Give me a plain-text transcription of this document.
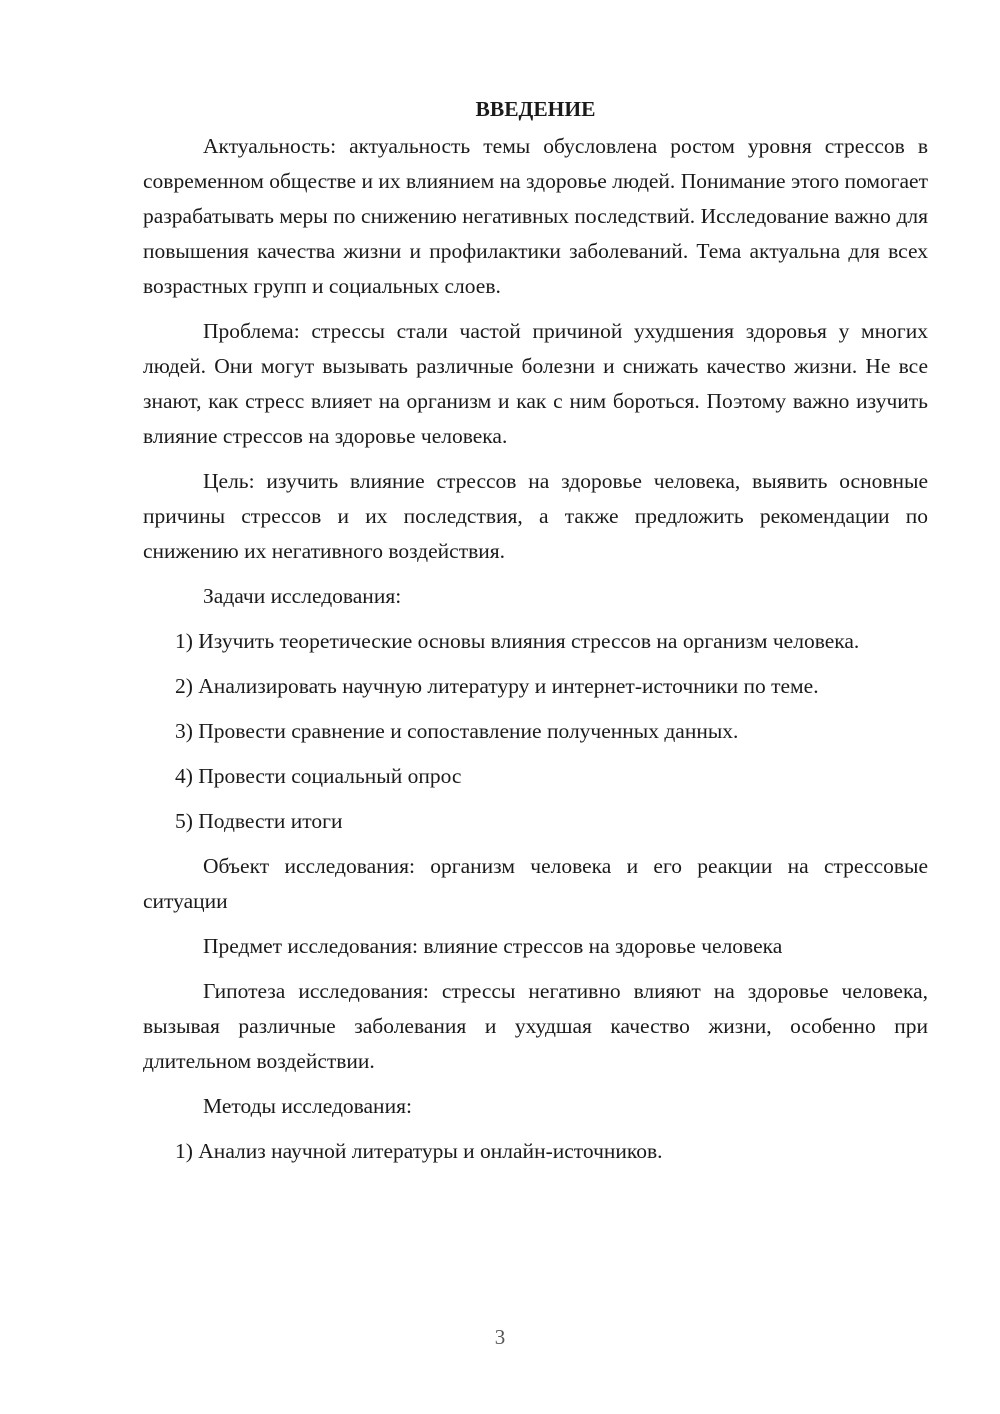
ВВЕДЕНИЕ

Актуальность: актуальность темы обусловлена ростом уровня стрессов в современном обществе и их влиянием на здоровье людей. Понимание этого помогает разрабатывать меры по снижению негативных последствий. Исследование важно для повышения качества жизни и профилактики заболеваний. Тема актуальна для всех возрастных групп и социальных слоев.

Проблема: стрессы стали частой причиной ухудшения здоровья у многих людей. Они могут вызывать различные болезни и снижать качество жизни. Не все знают, как стресс влияет на организм и как с ним бороться. Поэтому важно изучить влияние стрессов на здоровье человека.

Цель: изучить влияние стрессов на здоровье человека, выявить основные причины стрессов и их последствия, а также предложить рекомендации по снижению их негативного воздействия.

Задачи исследования:

1) Изучить теоретические основы влияния стрессов на организм человека.

2) Анализировать научную литературу и интернет-источники по теме.

3) Провести сравнение и сопоставление полученных данных.

4) Провести социальный опрос

5) Подвести итоги

Объект исследования: организм человека и его реакции на стрессовые ситуации

Предмет исследования: влияние стрессов на здоровье человека

Гипотеза исследования: стрессы негативно влияют на здоровье человека, вызывая различные заболевания и ухудшая качество жизни, особенно при длительном воздействии.

Методы исследования:

1) Анализ научной литературы и онлайн-источников.

3
